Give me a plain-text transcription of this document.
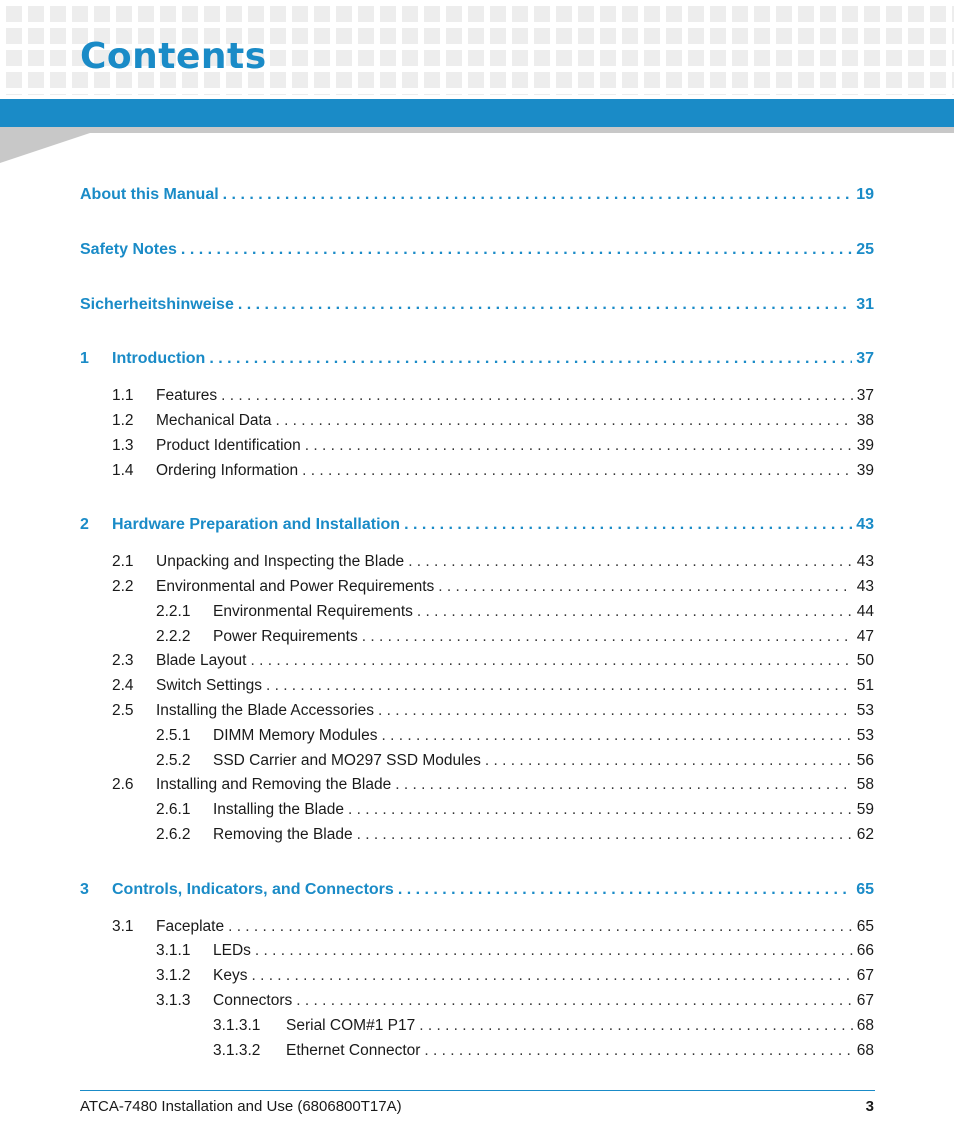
Contents
About this Manual . . .	19
Safety Notes . . .	25
Sicherheitshinweise . . .	31
1	Introduction . . .	37
1.1	Features . . .	37
1.2	Mechanical Data . . .	38
1.3	Product Identification . . .	39
1.4	Ordering Information . . .	39
2	Hardware Preparation and Installation . . .	43
2.1	Unpacking and Inspecting the Blade . . .	43
2.2	Environmental and Power Requirements . . .	43
2.2.1	Environmental Requirements . . .	44
2.2.2	Power Requirements . . .	47
2.3	Blade Layout . . .	50
2.4	Switch Settings . . .	51
2.5	Installing the Blade Accessories . . .	53
2.5.1	DIMM Memory Modules . . .	53
2.5.2	SSD Carrier and MO297 SSD Modules . . .	56
2.6	Installing and Removing the Blade . . .	58
2.6.1	Installing the Blade . . .	59
2.6.2	Removing the Blade . . .	62
3	Controls, Indicators, and Connectors . . .	65
3.1	Faceplate . . .	65
3.1.1	LEDs . . .	66
3.1.2	Keys . . .	67
3.1.3	Connectors . . .	67
3.1.3.1	Serial COM#1 P17 . . .	68
3.1.3.2	Ethernet Connector . . .	68
ATCA-7480 Installation and Use (6806800T17A)	3
